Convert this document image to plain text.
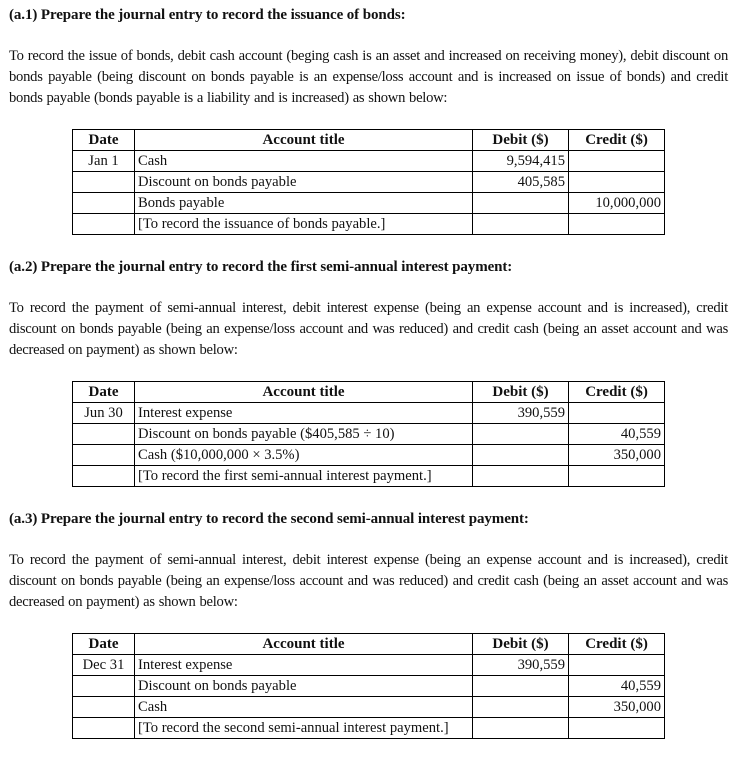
(a.1) Prepare the journal entry to record the issuance of bonds:
To record the issue of bonds, debit cash account (beging cash is an asset and increased on receiving money), debit discount on bonds payable (being discount on bonds payable is an expense/loss account and is increased on issue of bonds) and credit bonds payable (bonds payable is a liability and is increased) as shown below:
Date	Account title	Debit ($)	Credit ($)
Jan 1	Cash	9,594,415	
	Discount on bonds payable	405,585	
	Bonds payable		10,000,000
	[To record the issuance of bonds payable.]		
(a.2) Prepare the journal entry to record the first semi-annual interest payment:
To record the payment of semi-annual interest, debit interest expense (being an expense account and is increased), credit discount on bonds payable (being an expense/loss account and was reduced) and credit cash (being an asset account and was decreased on payment) as shown below:
Date	Account title	Debit ($)	Credit ($)
Jun 30	Interest expense	390,559	
	Discount on bonds payable ($405,585 ÷ 10)		40,559
	Cash ($10,000,000 × 3.5%)		350,000
	[To record the first semi-annual interest payment.]		
(a.3) Prepare the journal entry to record the second semi-annual interest payment:
To record the payment of semi-annual interest, debit interest expense (being an expense account and is increased), credit discount on bonds payable (being an expense/loss account and was reduced) and credit cash (being an asset account and was decreased on payment) as shown below:
Date	Account title	Debit ($)	Credit ($)
Dec 31	Interest expense	390,559	
	Discount on bonds payable		40,559
	Cash		350,000
	[To record the second semi-annual interest payment.]		
